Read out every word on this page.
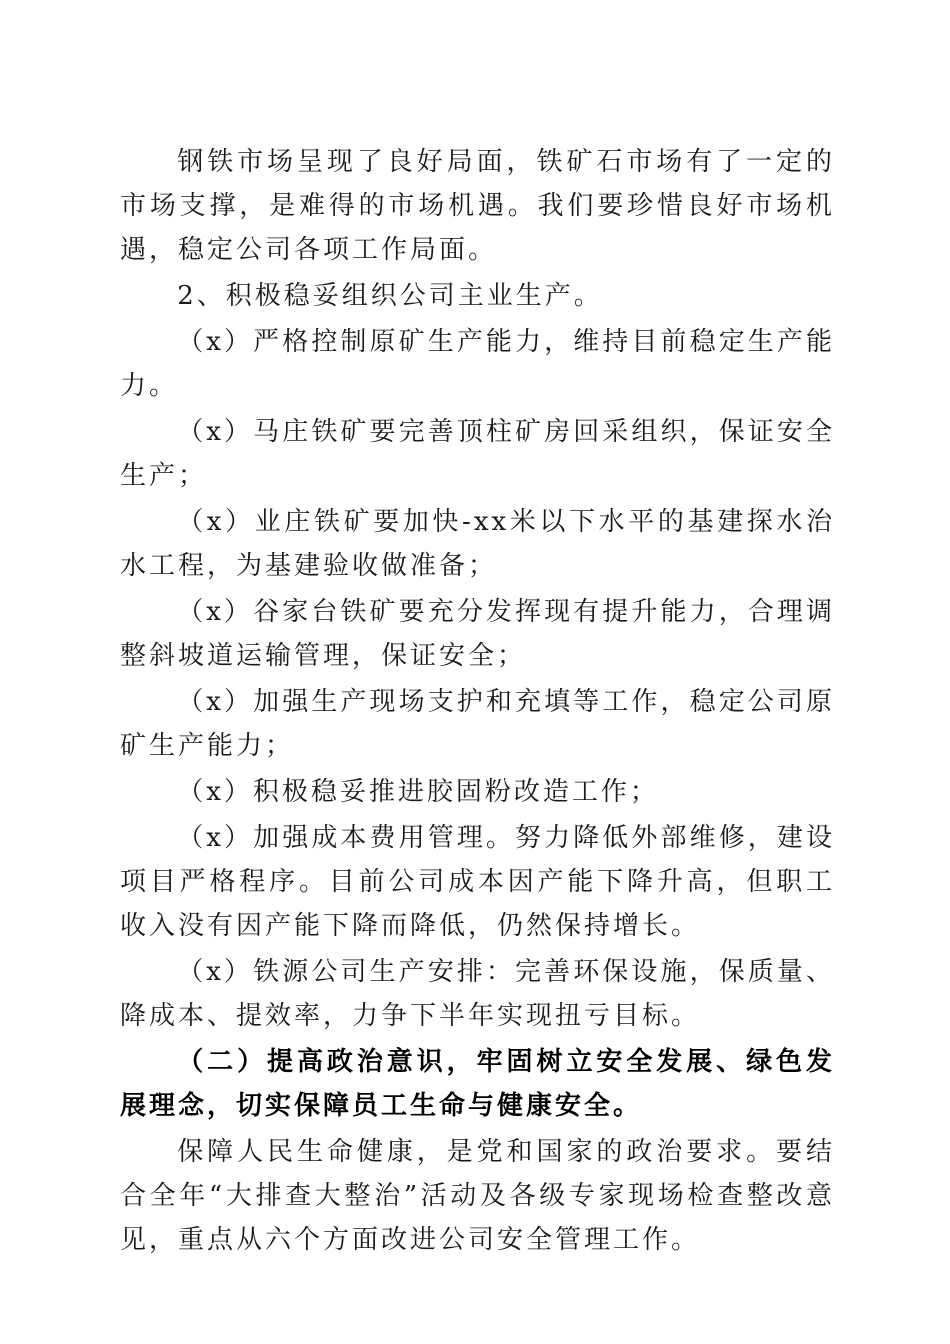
钢铁市场呈现了良好局面，铁矿石市场有了一定的市场支撑，是难得的市场机遇。我们要珍惜良好市场机遇，稳定公司各项工作局面。

2、积极稳妥组织公司主业生产。

（x）严格控制原矿生产能力，维持目前稳定生产能力。

（x）马庄铁矿要完善顶柱矿房回采组织，保证安全生产；

（x）业庄铁矿要加快-xx米以下水平的基建探水治水工程，为基建验收做准备；

（x）谷家台铁矿要充分发挥现有提升能力，合理调整斜坡道运输管理，保证安全；

（x）加强生产现场支护和充填等工作，稳定公司原矿生产能力；

（x）积极稳妥推进胶固粉改造工作；

（x）加强成本费用管理。努力降低外部维修，建设项目严格程序。目前公司成本因产能下降升高，但职工收入没有因产能下降而降低，仍然保持增长。

（x）铁源公司生产安排：完善环保设施，保质量、降成本、提效率，力争下半年实现扭亏目标。

（二）提高政治意识，牢固树立安全发展、绿色发展理念，切实保障员工生命与健康安全。

保障人民生命健康，是党和国家的政治要求。要结合全年“大排查大整治”活动及各级专家现场检查整改意见，重点从六个方面改进公司安全管理工作。
